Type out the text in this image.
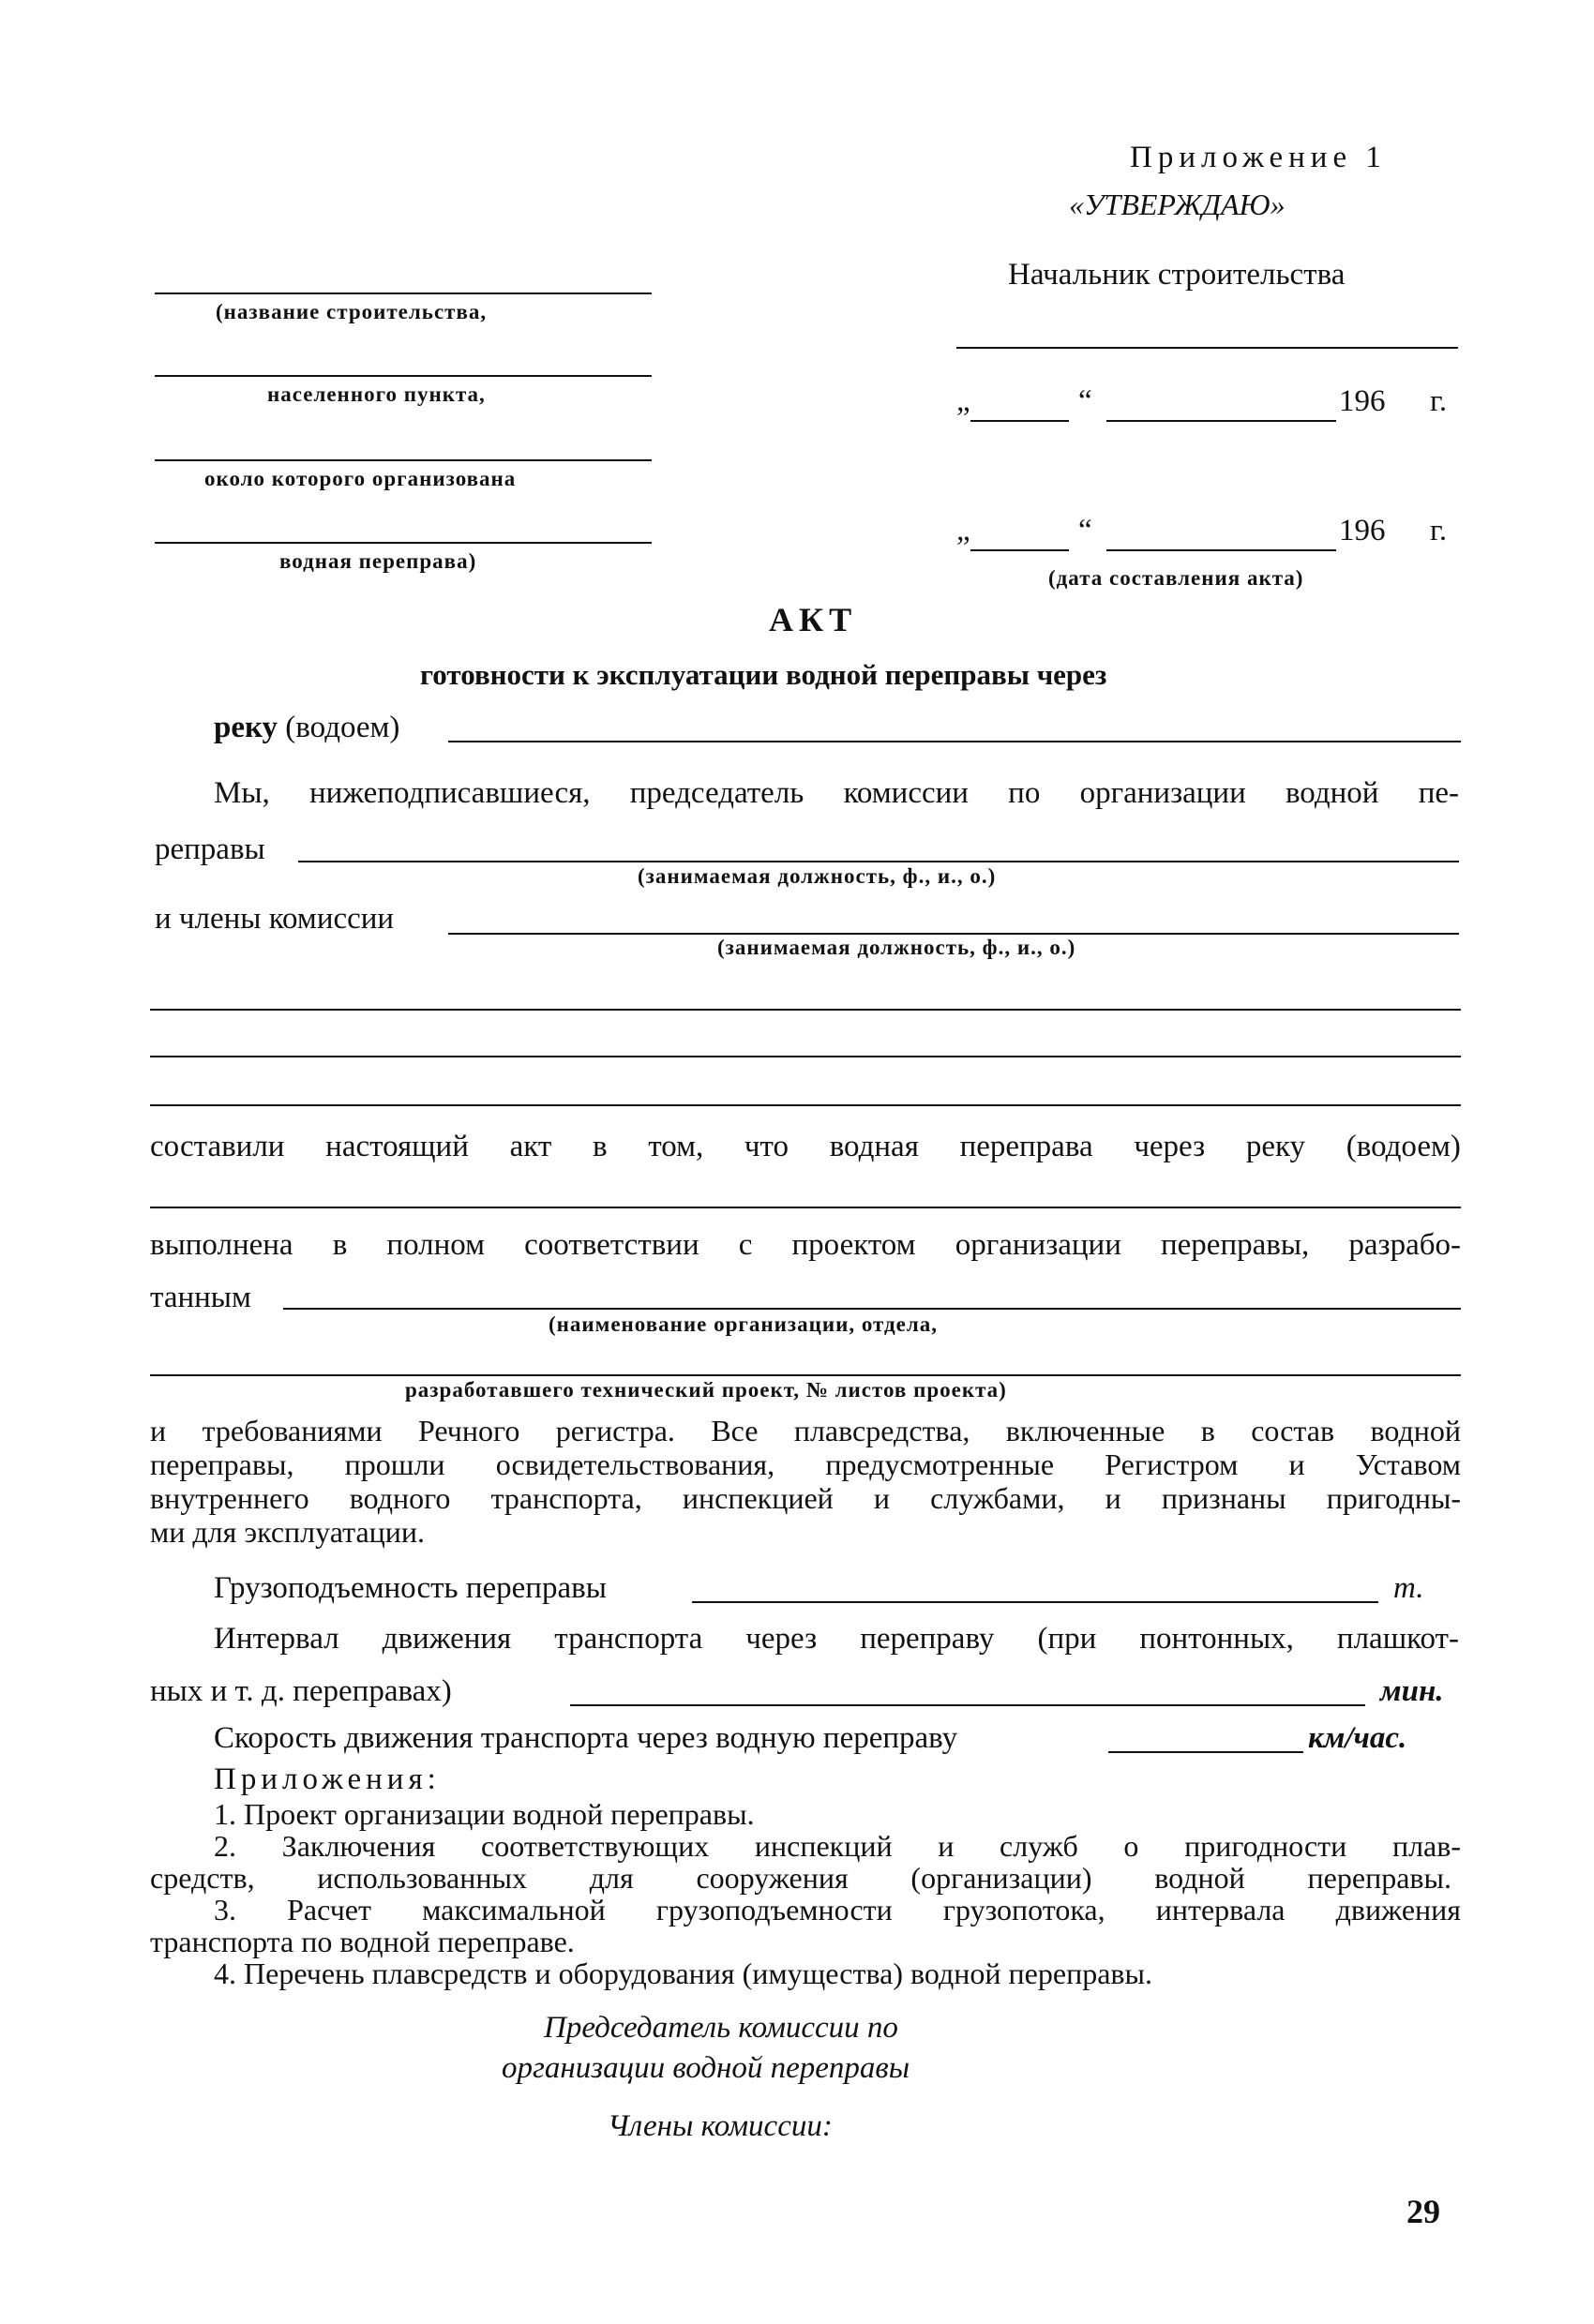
Приложение 1
«УТВЕРЖДАЮ»
Начальник строительства
„	“	196 г.
„	“	196 г.
(дата составления акта)
(название строительства,
населенного пункта,
около которого организована
водная переправа)
АКТ
готовности к эксплуатации водной переправы через
реку (водоем)
Мы, нижеподписавшиеся, председатель комиссии по организации водной пе-
реправы
(занимаемая должность, ф., и., о.)
и члены комиссии
(занимаемая должность, ф., и., о.)
составили настоящий акт в том, что водная переправа через реку (водоем)
выполнена в полном соответствии с проектом организации переправы, разрабо-
танным
(наименование организации, отдела,
разработавшего технический проект, № листов проекта)
и требованиями Речного регистра. Все плавсредства, включенные в состав водной
переправы, прошли освидетельствования, предусмотренные Регистром и Уставом
внутреннего водного транспорта, инспекцией и службами, и признаны пригодны-
ми для эксплуатации.
Грузоподъемность переправы	т.
Интервал движения транспорта через переправу (при понтонных, плашкот-
ных и т. д. переправах)	мин.
Скорость движения транспорта через водную переправу	км/час.
Приложения:
1. Проект организации водной переправы.
2. Заключения соответствующих инспекций и служб о пригодности плав-
средств, использованных для сооружения (организации) водной переправы.
3. Расчет максимальной грузоподъемности грузопотока, интервала движения
транспорта по водной переправе.
4. Перечень плавсредств и оборудования (имущества) водной переправы.
Председатель комиссии по
организации водной переправы
Члены комиссии:
29
